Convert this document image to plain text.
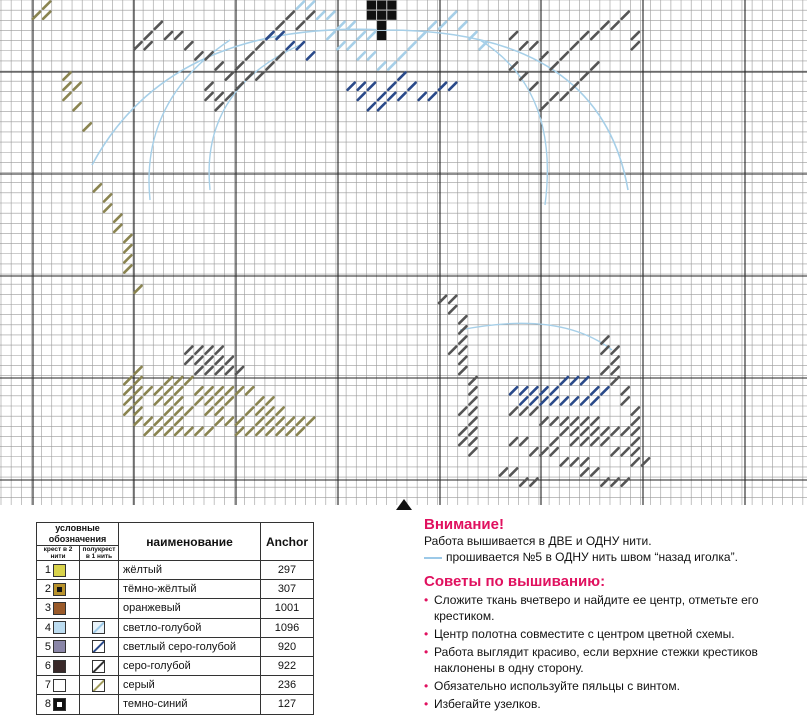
условные обозначения			наименование	Anchor
крест в 2 нити		полукрест в 1 нить		
1			жёлтый	297
2			тёмно-жёлтый	307
3			оранжевый	1001
4			светло-голубой	1096
5			светлый серо-голубой	920
6			серо-голубой	922
7			серый	236
8			темно-синий	127
Внимание!

Работа вышивается в ДВЕ и ОДНУ нити.

прошивается №5 в ОДНУ нить швом “назад иголка”.

Советы по вышиванию:
• Сложите ткань вчетверо и найдите ее центр, отметьте его крестиком.
• Центр полотна совместите с центром цветной схемы.
• Работа выглядит красиво, если верхние стежки крестиков наклонены в одну сторону.
• Обязательно используйте пяльцы с винтом.
• Избегайте узелков.
